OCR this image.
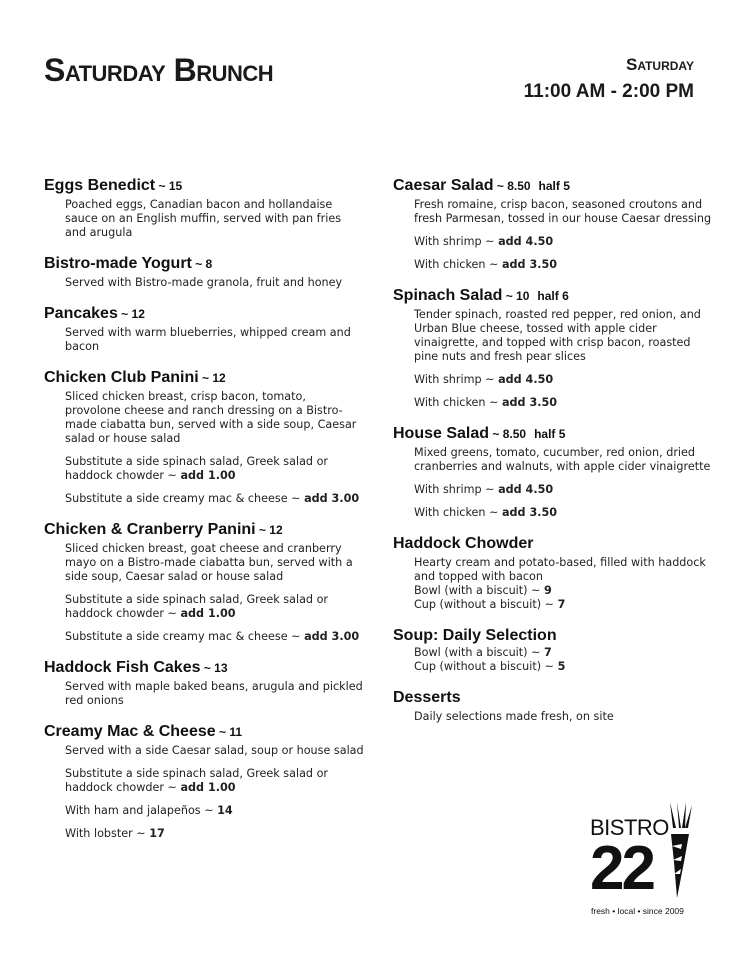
Saturday Brunch	Saturday
11:00 AM - 2:00 PM
Eggs Benedict ~ 15
Poached eggs, Canadian bacon and hollandaise sauce on an English muffin, served with pan fries and arugula
Bistro-made Yogurt ~ 8
Served with Bistro-made granola, fruit and honey
Pancakes ~ 12
Served with warm blueberries, whipped cream and bacon
Chicken Club Panini ~ 12
Sliced chicken breast, crisp bacon, tomato, provolone cheese and ranch dressing on a Bistro-made ciabatta bun, served with a side soup, Caesar salad or house salad
Substitute a side spinach salad, Greek salad or haddock chowder ~ add 1.00
Substitute a side creamy mac & cheese ~ add 3.00
Chicken & Cranberry Panini ~ 12
Sliced chicken breast, goat cheese and cranberry mayo on a Bistro-made ciabatta bun, served with a side soup, Caesar salad or house salad
Substitute a side spinach salad, Greek salad or haddock chowder ~ add 1.00
Substitute a side creamy mac & cheese ~ add 3.00
Haddock Fish Cakes ~ 13
Served with maple baked beans, arugula and pickled red onions
Creamy Mac & Cheese ~ 11
Served with a side Caesar salad, soup or house salad
Substitute a side spinach salad, Greek salad or haddock chowder ~ add 1.00
With ham and jalapeños ~ 14
With lobster ~ 17
Caesar Salad ~ 8.50 half 5
Fresh romaine, crisp bacon, seasoned croutons and fresh Parmesan, tossed in our house Caesar dressing
With shrimp ~ add 4.50
With chicken ~ add 3.50
Spinach Salad ~ 10 half 6
Tender spinach, roasted red pepper, red onion, and Urban Blue cheese, tossed with apple cider vinaigrette, and topped with crisp bacon, roasted pine nuts and fresh pear slices
With shrimp ~ add 4.50
With chicken ~ add 3.50
House Salad ~ 8.50 half 5
Mixed greens, tomato, cucumber, red onion, dried cranberries and walnuts, with apple cider vinaigrette
With shrimp ~ add 4.50
With chicken ~ add 3.50
Haddock Chowder
Hearty cream and potato-based, filled with haddock and topped with bacon
Bowl (with a biscuit) ~ 9
Cup (without a biscuit) ~ 7
Soup: Daily Selection
Bowl (with a biscuit) ~ 7
Cup (without a biscuit) ~ 5
Desserts
Daily selections made fresh, on site
BISTRO
22
fresh • local • since 2009
